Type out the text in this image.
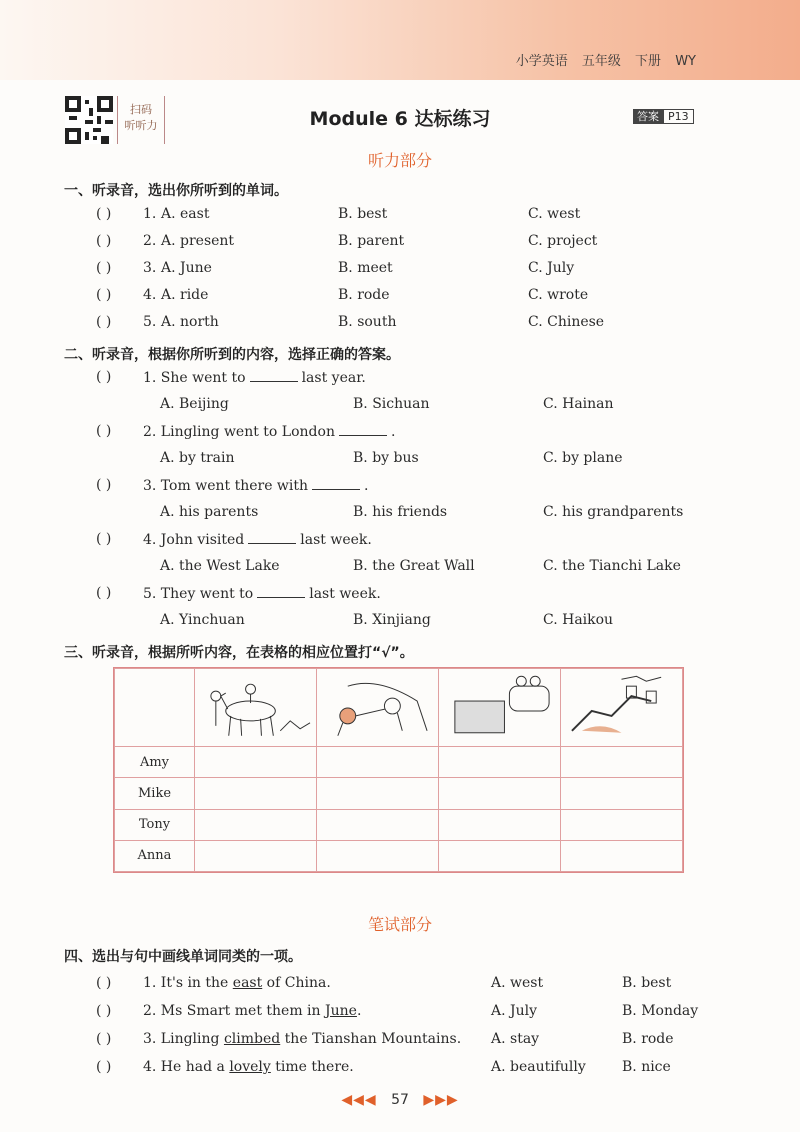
小学英语 五年级 下册 WY
扫码
听听力	Module 6 达标练习	答案 P13
听力部分
一、听录音，选出你所听到的单词。
( ) 1. A. east	B. best	C. west
( ) 2. A. present	B. parent	C. project
( ) 3. A. June	B. meet	C. July
( ) 4. A. ride	B. rode	C. wrote
( ) 5. A. north	B. south	C. Chinese
二、听录音，根据你所听到的内容，选择正确的答案。
( ) 1. She went to	last year.
A. Beijing	B. Sichuan	C. Hainan
( ) 2. Lingling went to London	.
A. by train	B. by bus	C. by plane
( ) 3. Tom went there with	.
A. his parents	B. his friends	C. his grandparents
( ) 4. John visited	last week.
A. the West Lake	B. the Great Wall	C. the Tianchi Lake
( ) 5. They went to	last week.
A. Yinchuan	B. Xinjiang	C. Haikou
三、听录音，根据所听内容，在表格的相应位置打“√”。

Amy				
Mike				
Tony				
Anna				
笔试部分
四、选出与句中画线单词同类的一项。
( ) 1. It's in the east of China.	A. west	B. best
( ) 2. Ms Smart met them in June.	A. July	B. Monday
( ) 3. Lingling climbed the Tianshan Mountains. A. stay	B. rode
( ) 4. He had a lovely time there.	A. beautifully	B. nice
◀◀◀ 57 ▶▶▶
